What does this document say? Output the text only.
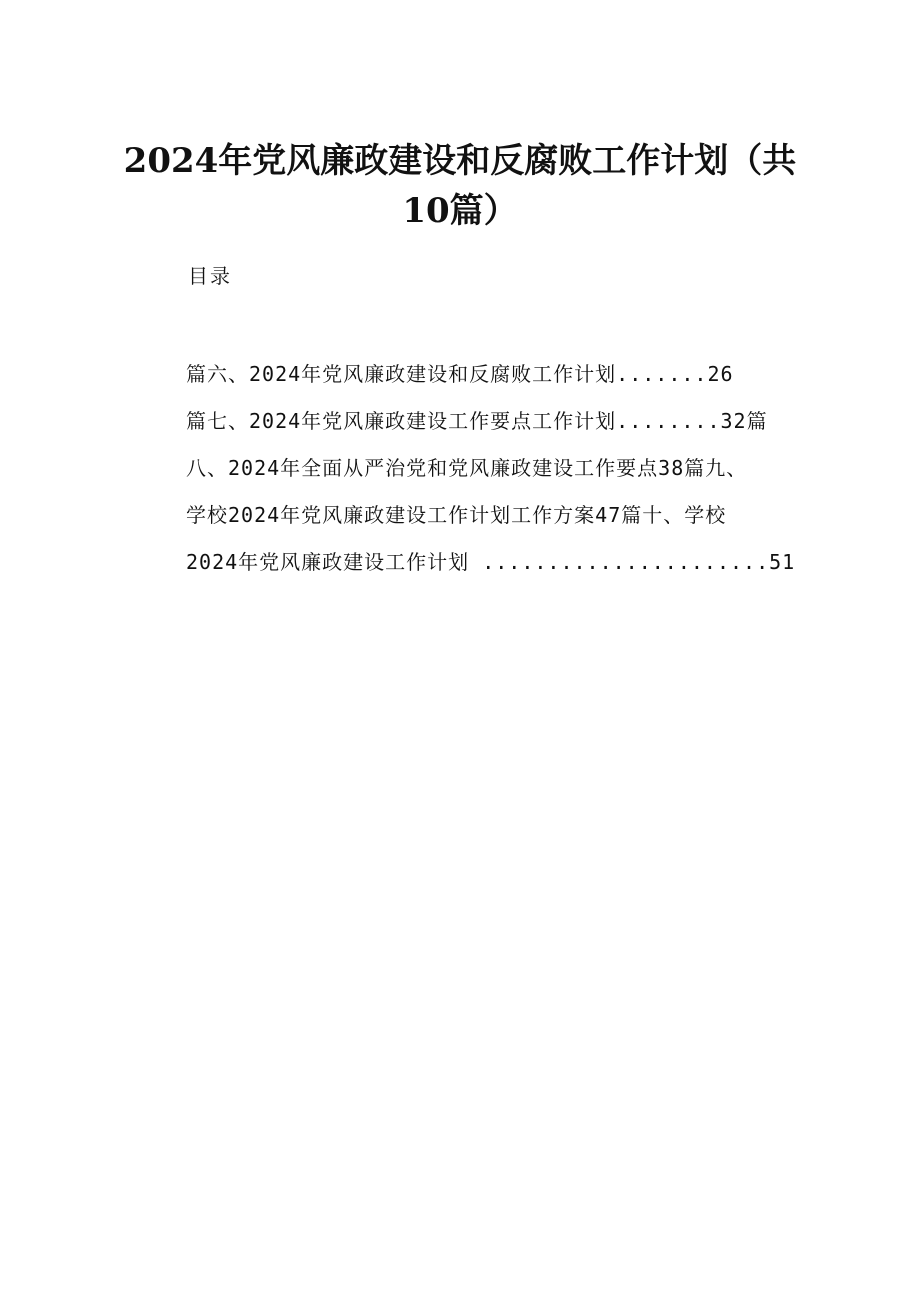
2024年党风廉政建设和反腐败工作计划（共
10篇）
目录
篇六、2024年党风廉政建设和反腐败工作计划.......26
篇七、2024年党风廉政建设工作要点工作计划........32篇
八、2024年全面从严治党和党风廉政建设工作要点38篇九、
学校2024年党风廉政建设工作计划工作方案47篇十、学校
2024年党风廉政建设工作计划 ......................51
